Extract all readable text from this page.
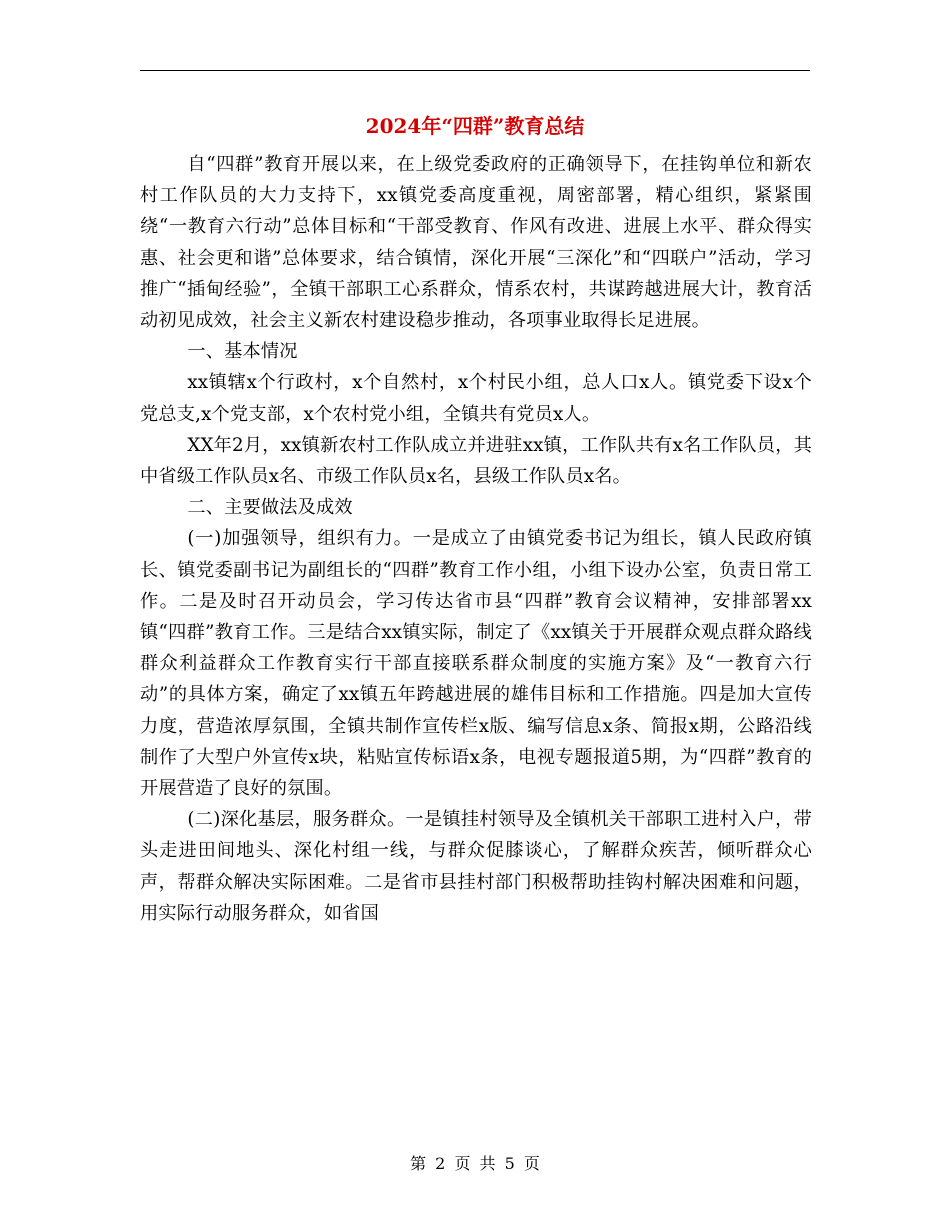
2024年“四群”教育总结

自“四群”教育开展以来，在上级党委政府的正确领导下，在挂钩单位和新农村工作队员的大力支持下，xx镇党委高度重视，周密部署，精心组织，紧紧围绕“一教育六行动”总体目标和“干部受教育、作风有改进、进展上水平、群众得实惠、社会更和谐”总体要求，结合镇情，深化开展“三深化”和“四联户”活动，学习推广“插甸经验”，全镇干部职工心系群众，情系农村，共谋跨越进展大计，教育活动初见成效，社会主义新农村建设稳步推动，各项事业取得长足进展。

一、基本情况

xx镇辖x个行政村，x个自然村，x个村民小组，总人口x人。镇党委下设x个党总支,x个党支部，x个农村党小组，全镇共有党员x人。

XX年2月，xx镇新农村工作队成立并进驻xx镇，工作队共有x名工作队员，其中省级工作队员x名、市级工作队员x名，县级工作队员x名。

二、主要做法及成效

(一)加强领导，组织有力。一是成立了由镇党委书记为组长，镇人民政府镇长、镇党委副书记为副组长的“四群”教育工作小组，小组下设办公室，负责日常工作。二是及时召开动员会，学习传达省市县“四群”教育会议精神，安排部署xx镇“四群”教育工作。三是结合xx镇实际，制定了《xx镇关于开展群众观点群众路线群众利益群众工作教育实行干部直接联系群众制度的实施方案》及“一教育六行动”的具体方案，确定了xx镇五年跨越进展的雄伟目标和工作措施。四是加大宣传力度，营造浓厚氛围，全镇共制作宣传栏x版、编写信息x条、简报x期，公路沿线制作了大型户外宣传x块，粘贴宣传标语x条，电视专题报道5期，为“四群”教育的开展营造了良好的氛围。

(二)深化基层，服务群众。一是镇挂村领导及全镇机关干部职工进村入户，带头走进田间地头、深化村组一线，与群众促膝谈心，了解群众疾苦，倾听群众心声，帮群众解决实际困难。二是省市县挂村部门积极帮助挂钩村解决困难和问题，用实际行动服务群众，如省国

第 2 页 共 5 页
